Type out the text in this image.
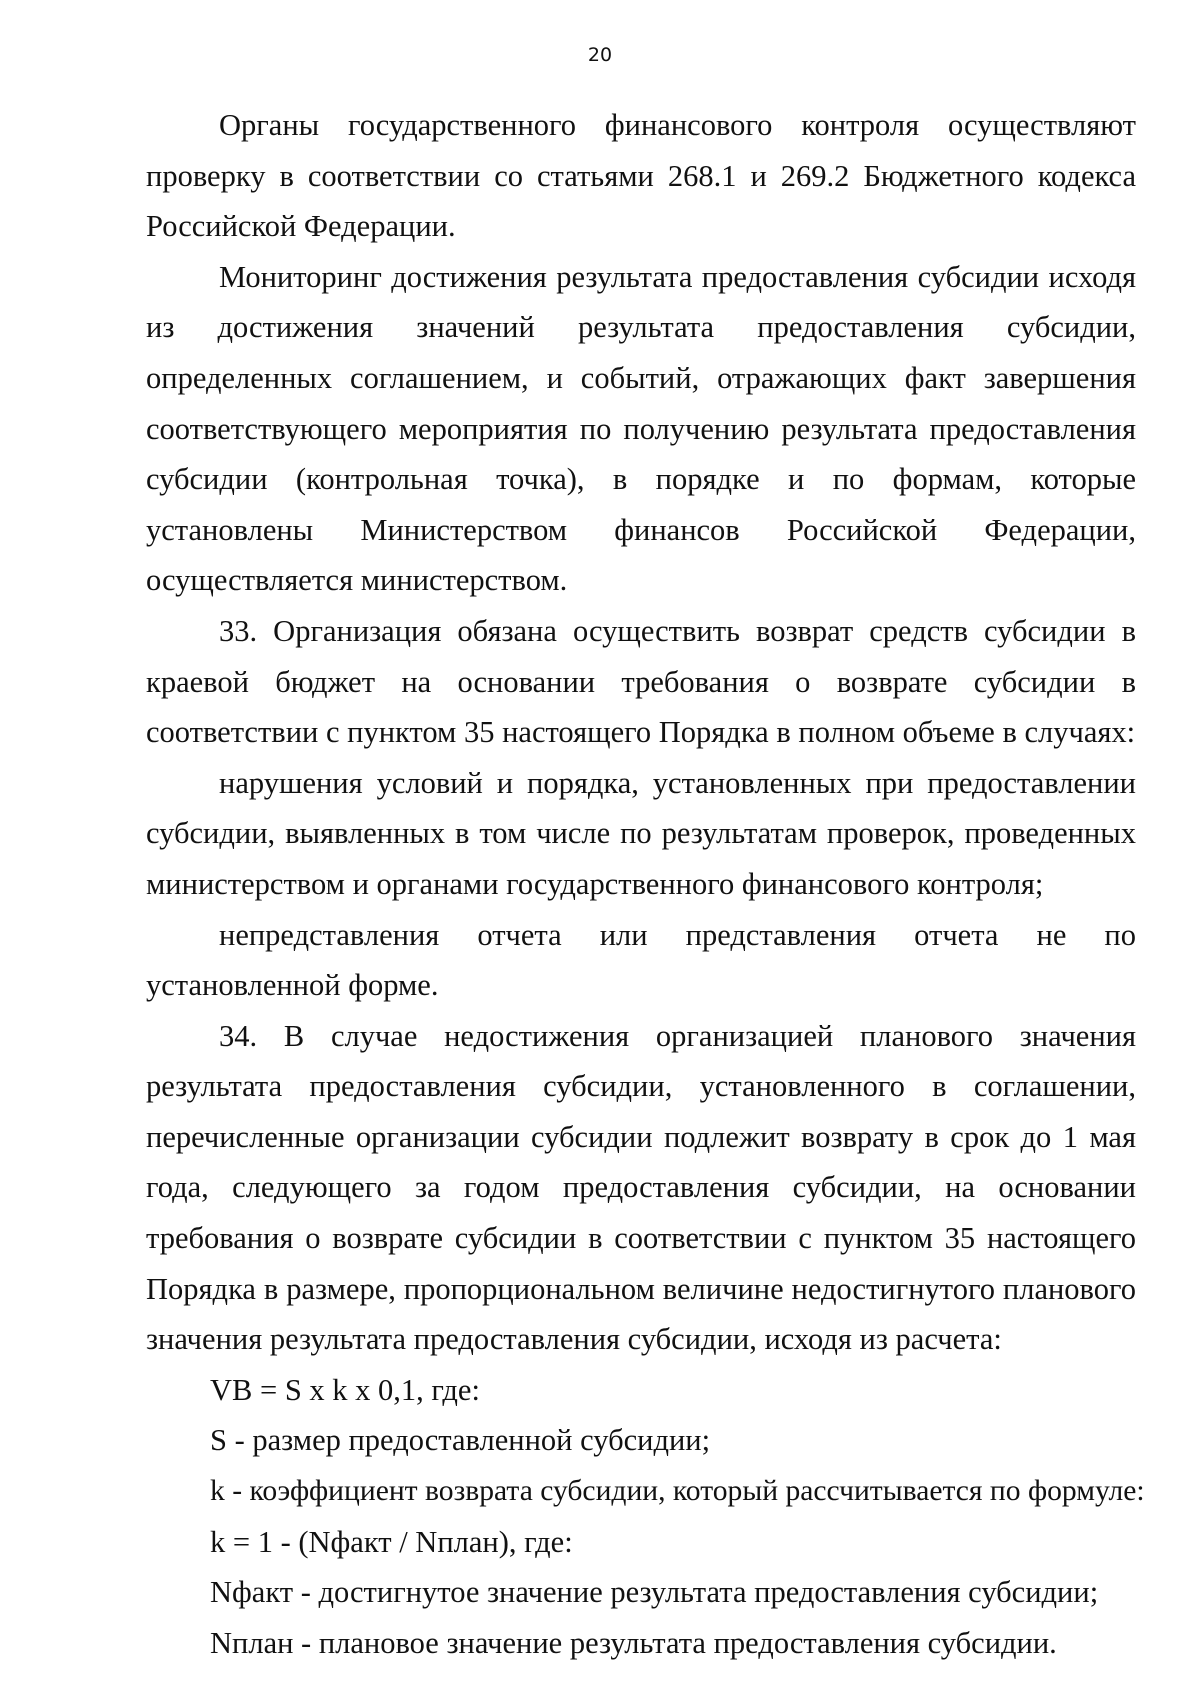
20

Органы государственного финансового контроля осуществляют проверку в соответствии со статьями 268.1 и 269.2 Бюджетного кодекса Российской Федерации.

Мониторинг достижения результата предоставления субсидии исходя из достижения значений результата предоставления субсидии, определенных соглашением, и событий, отражающих факт завершения соответствующего мероприятия по получению результата предоставления субсидии (контрольная точка), в порядке и по формам, которые установлены Министерством финансов Российской Федерации, осуществляется министерством.

33. Организация обязана осуществить возврат средств субсидии в краевой бюджет на основании требования о возврате субсидии в соответствии с пунктом 35 настоящего Порядка в полном объеме в случаях:

нарушения условий и порядка, установленных при предоставлении субсидии, выявленных в том числе по результатам проверок, проведенных министерством и органами государственного финансового контроля;

непредставления отчета или представления отчета не по установленной форме.

34. В случае недостижения организацией планового значения результата предоставления субсидии, установленного в соглашении, перечисленные организации субсидии подлежит возврату в срок до 1 мая года, следующего за годом предоставления субсидии, на основании требования о возврате субсидии в соответствии с пунктом 35 настоящего Порядка в размере, пропорциональном величине недостигнутого планового значения результата предоставления субсидии, исходя из расчета:

VB = S x k x 0,1, где:

S - размер предоставленной субсидии;

k - коэффициент возврата субсидии, который рассчитывается по формуле:

k = 1 - (Nфакт / Nплан), где:

Nфакт - достигнутое значение результата предоставления субсидии;

Nплан - плановое значение результата предоставления субсидии.
